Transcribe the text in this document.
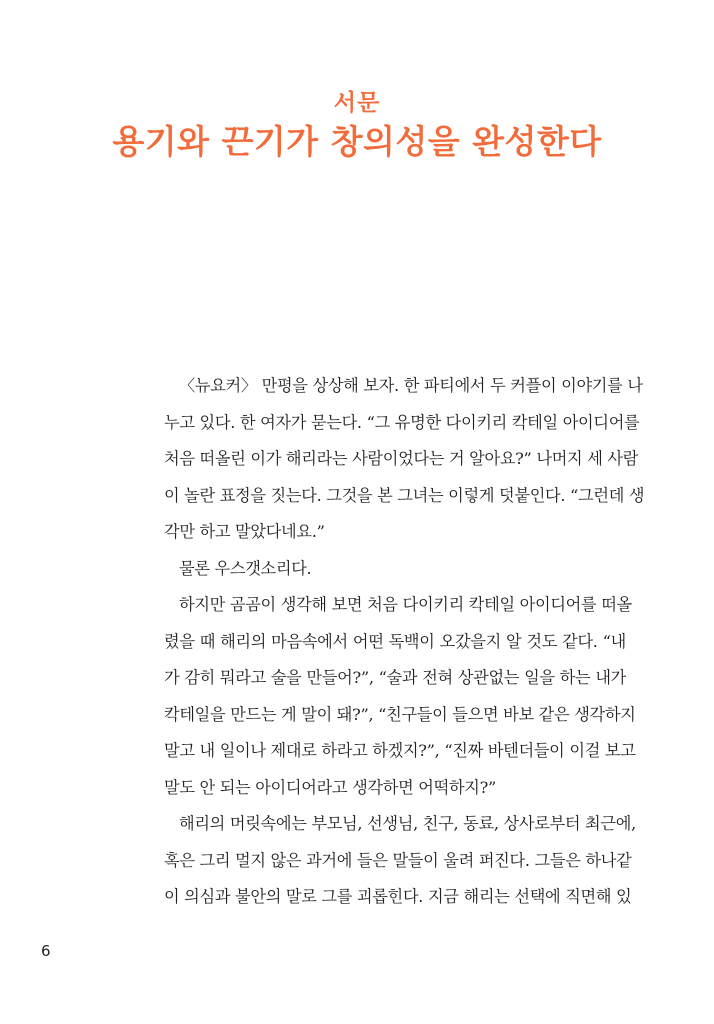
서문
용기와 끈기가 창의성을 완성한다
〈뉴요커〉 만평을 상상해 보자. 한 파티에서 두 커플이 이야기를 나
누고 있다. 한 여자가 묻는다. “그 유명한 다이키리 칵테일 아이디어를
처음 떠올린 이가 해리라는 사람이었다는 거 알아요?” 나머지 세 사람
이 놀란 표정을 짓는다. 그것을 본 그녀는 이렇게 덧붙인다. “그런데 생
각만 하고 말았다네요.”
물론 우스갯소리다.
하지만 곰곰이 생각해 보면 처음 다이키리 칵테일 아이디어를 떠올
렸을 때 해리의 마음속에서 어떤 독백이 오갔을지 알 것도 같다. “내
가 감히 뭐라고 술을 만들어?”, “술과 전혀 상관없는 일을 하는 내가
칵테일을 만드는 게 말이 돼?”, “친구들이 들으면 바보 같은 생각하지
말고 내 일이나 제대로 하라고 하겠지?”, “진짜 바텐더들이 이걸 보고
말도 안 되는 아이디어라고 생각하면 어떡하지?”
해리의 머릿속에는 부모님, 선생님, 친구, 동료, 상사로부터 최근에,
혹은 그리 멀지 않은 과거에 들은 말들이 울려 퍼진다. 그들은 하나같
이 의심과 불안의 말로 그를 괴롭힌다. 지금 해리는 선택에 직면해 있
6
